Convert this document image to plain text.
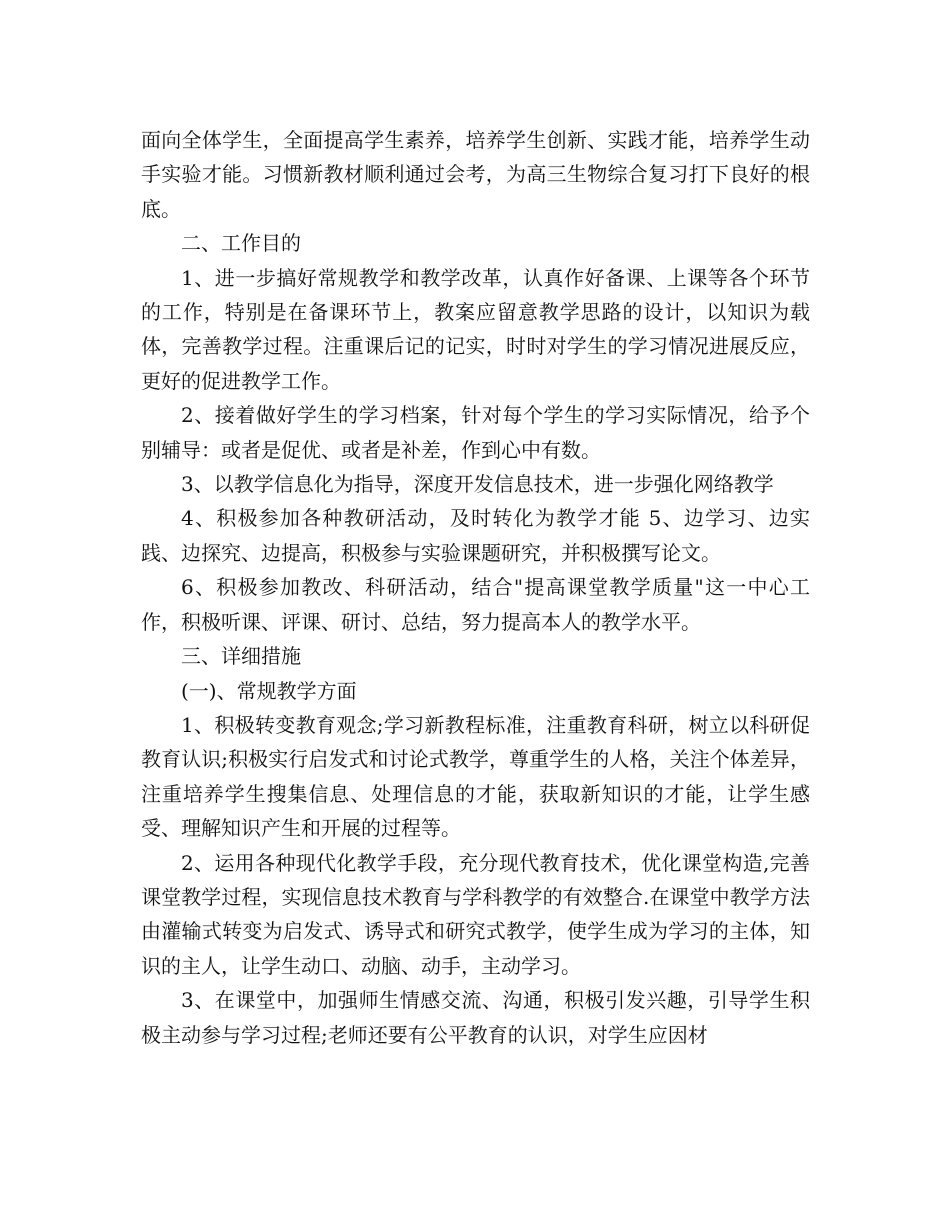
面向全体学生，全面提高学生素养，培养学生创新、实践才能，培养学生动手实验才能。习惯新教材顺利通过会考，为高三生物综合复习打下良好的根底。

二、工作目的

1、进一步搞好常规教学和教学改革，认真作好备课、上课等各个环节的工作，特别是在备课环节上，教案应留意教学思路的设计，以知识为载体，完善教学过程。注重课后记的记实，时时对学生的学习情况进展反应，更好的促进教学工作。

2、接着做好学生的学习档案，针对每个学生的学习实际情况，给予个别辅导：或者是促优、或者是补差，作到心中有数。

3、以教学信息化为指导，深度开发信息技术，进一步强化网络教学

4、积极参加各种教研活动，及时转化为教学才能 5、边学习、边实践、边探究、边提高，积极参与实验课题研究，并积极撰写论文。

6、积极参加教改、科研活动，结合"提高课堂教学质量"这一中心工作，积极听课、评课、研讨、总结，努力提高本人的教学水平。

三、详细措施

(一)、常规教学方面

1、积极转变教育观念;学习新教程标准，注重教育科研，树立以科研促教育认识;积极实行启发式和讨论式教学，尊重学生的人格，关注个体差异，注重培养学生搜集信息、处理信息的才能，获取新知识的才能，让学生感受、理解知识产生和开展的过程等。

2、运用各种现代化教学手段，充分现代教育技术，优化课堂构造,完善课堂教学过程，实现信息技术教育与学科教学的有效整合.在课堂中教学方法由灌输式转变为启发式、诱导式和研究式教学，使学生成为学习的主体，知识的主人，让学生动口、动脑、动手，主动学习。

3、在课堂中，加强师生情感交流、沟通，积极引发兴趣，引导学生积极主动参与学习过程;老师还要有公平教育的认识，对学生应因材
